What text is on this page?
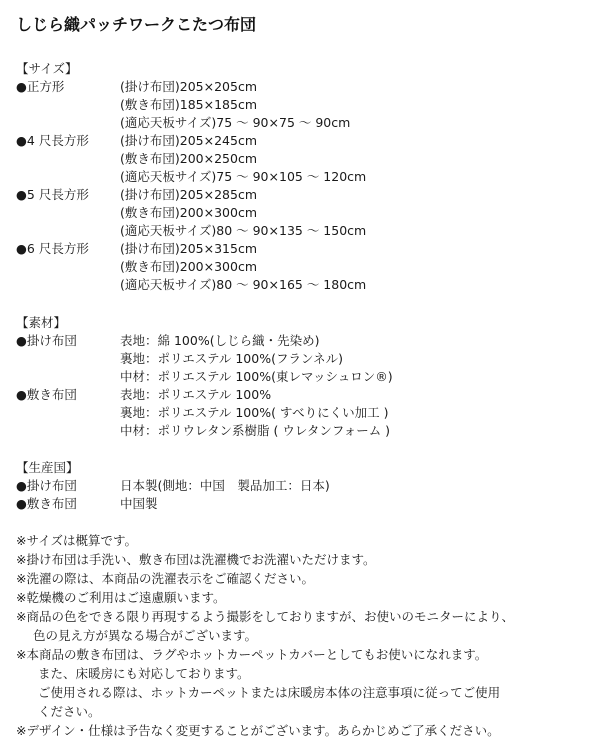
しじら織パッチワークこたつ布団
【サイズ】
●正方形	(掛け布団)205×205cm
(敷き布団)185×185cm
(適応天板サイズ)75 ～ 90×75 ～ 90cm
●4 尺長方形 (掛け布団)205×245cm
(敷き布団)200×250cm
(適応天板サイズ)75 ～ 90×105 ～ 120cm
●5 尺長方形 (掛け布団)205×285cm
(敷き布団)200×300cm
(適応天板サイズ)80 ～ 90×135 ～ 150cm
●6 尺長方形 (掛け布団)205×315cm
(敷き布団)200×300cm
(適応天板サイズ)80 ～ 90×165 ～ 180cm
【素材】
●掛け布団	表地：綿 100%(しじら織・先染め)
裏地：ポリエステル 100%(フランネル)
中材：ポリエステル 100%(東レマッシュロン®)
●敷き布団	表地：ポリエステル 100%
裏地：ポリエステル 100%( すべりにくい加工 )
中材：ポリウレタン系樹脂 ( ウレタンフォーム )
【生産国】
●掛け布団	日本製(側地：中国　製品加工：日本)
●敷き布団	中国製
※サイズは概算です。
※掛け布団は手洗い、敷き布団は洗濯機でお洗濯いただけます。
※洗濯の際は、本商品の洗濯表示をご確認ください。
※乾燥機のご利用はご遠慮願います。
※商品の色をできる限り再現するよう撮影をしておりますが、お使いのモニターにより、
色の見え方が異なる場合がございます。
※本商品の敷き布団は、ラグやホットカーペットカバーとしてもお使いになれます。
また、床暖房にも対応しております。
ご使用される際は、ホットカーペットまたは床暖房本体の注意事項に従ってご使用
ください。
※デザイン・仕様は予告なく変更することがございます。あらかじめご了承ください。
